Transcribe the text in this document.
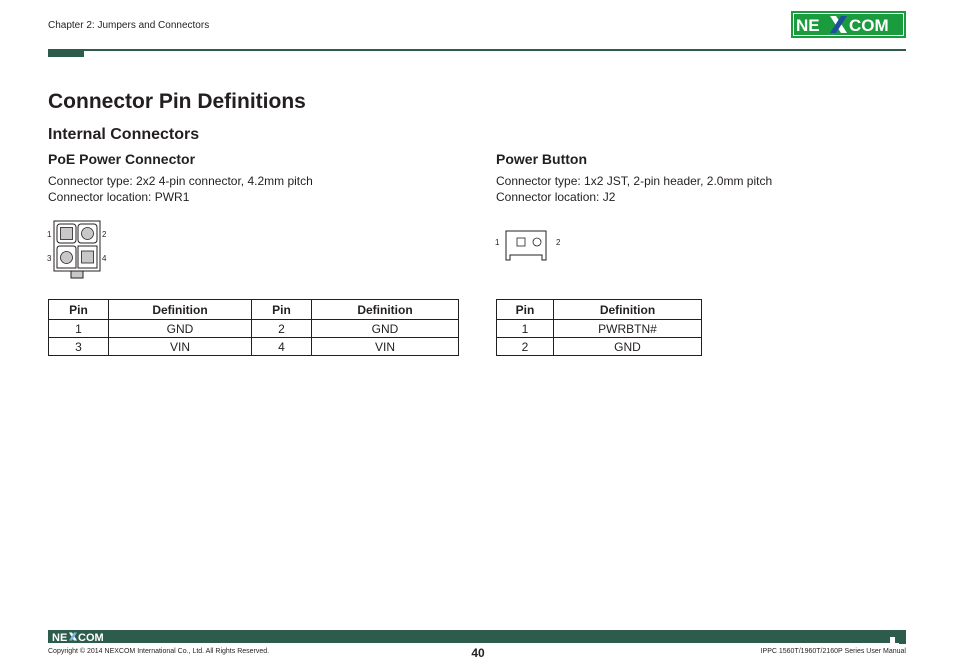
Chapter 2: Jumpers and Connectors	NE COM
Connector Pin Definitions
Internal Connectors
PoE Power Connector
Connector type: 2x2 4-pin connector, 4.2mm pitch
Connector location: PWR1
1	2
3	4
Pin	Definition	Pin	Definition
1	GND	2	GND
3	VIN	4	VIN
Power Button
Connector type: 1x2 JST, 2-pin header, 2.0mm pitch
Connector location: J2
1	2
Pin	Definition
1	PWRBTN#
2	GND
NE COM
Copyright © 2014 NEXCOM International Co., Ltd. All Rights Reserved.	40	IPPC 1560T/1960T/2160P Series User Manual
